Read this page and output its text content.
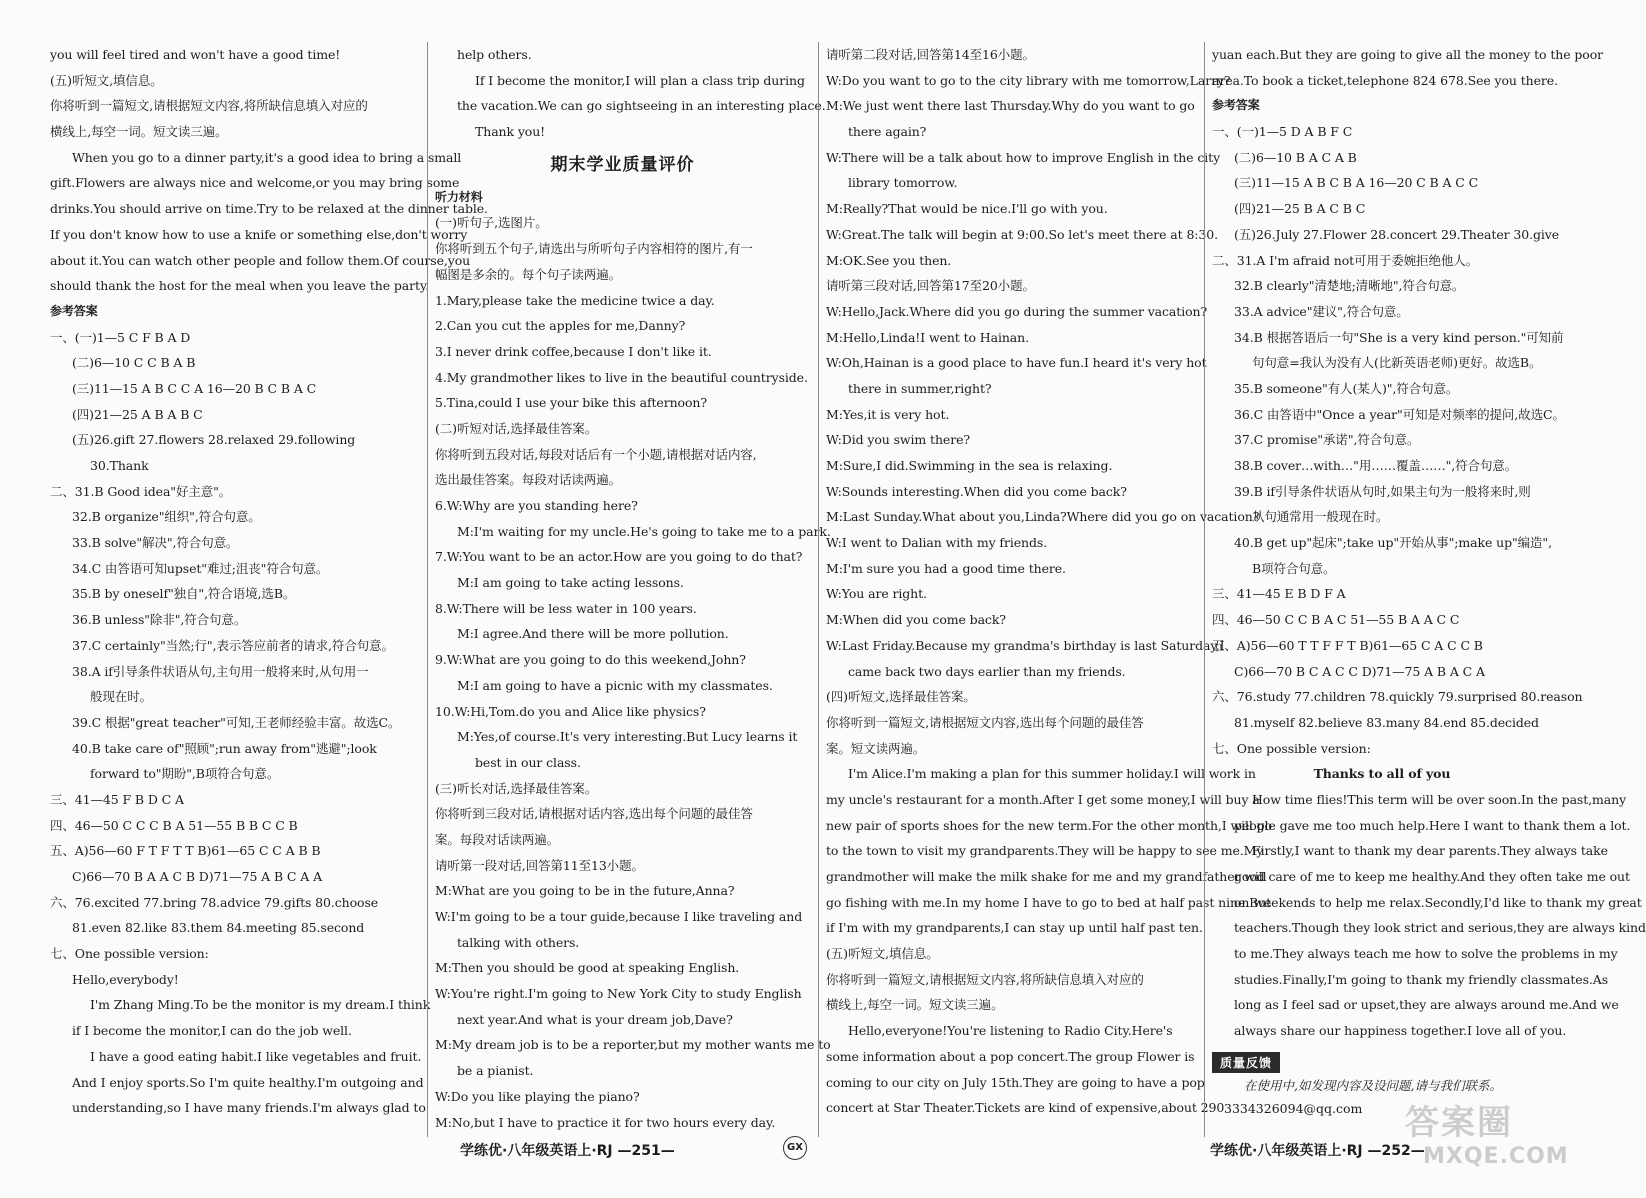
you will feel tired and won't have a good time!
(五)听短文,填信息。
你将听到一篇短文,请根据短文内容,将所缺信息填入对应的
横线上,每空一词。短文读三遍。
When you go to a dinner party,it's a good idea to bring a small
gift.Flowers are always nice and welcome,or you may bring some
drinks.You should arrive on time.Try to be relaxed at the dinner table.
If you don't know how to use a knife or something else,don't worry
about it.You can watch other people and follow them.Of course,you
should thank the host for the meal when you leave the party.
参考答案
一、(一)1—5 C F B A D
(二)6—10 C C B A B
(三)11—15 A B C C A 16—20 B C B A C
(四)21—25 A B A B C
(五)26.gift 27.flowers 28.relaxed 29.following
30.Thank
二、31.B Good idea"好主意"。
32.B organize"组织",符合句意。
33.B solve"解决",符合句意。
34.C 由答语可知upset"难过;沮丧"符合句意。
35.B by oneself"独自",符合语境,选B。
36.B unless"除非",符合句意。
37.C certainly"当然;行",表示答应前者的请求,符合句意。
38.A if引导条件状语从句,主句用一般将来时,从句用一
般现在时。
39.C 根据"great teacher"可知,王老师经验丰富。故选C。
40.B take care of"照顾";run away from"逃避";look
forward to"期盼",B项符合句意。
三、41—45 F B D C A
四、46—50 C C C B A 51—55 B B C C B
五、A)56—60 F T F T T B)61—65 C C A B B
C)66—70 B A A C B D)71—75 A B C A A
六、76.excited 77.bring 78.advice 79.gifts 80.choose
81.even 82.like 83.them 84.meeting 85.second
七、One possible version:
Hello,everybody!
I'm Zhang Ming.To be the monitor is my dream.I think
if I become the monitor,I can do the job well.
I have a good eating habit.I like vegetables and fruit.
And I enjoy sports.So I'm quite healthy.I'm outgoing and
understanding,so I have many friends.I'm always glad to
help others.
If I become the monitor,I will plan a class trip during
the vacation.We can go sightseeing in an interesting place.
Thank you!
期末学业质量评价
听力材料
(一)听句子,选图片。
你将听到五个句子,请选出与所听句子内容相符的图片,有一
幅图是多余的。每个句子读两遍。
1.Mary,please take the medicine twice a day.
2.Can you cut the apples for me,Danny?
3.I never drink coffee,because I don't like it.
4.My grandmother likes to live in the beautiful countryside.
5.Tina,could I use your bike this afternoon?
(二)听短对话,选择最佳答案。
你将听到五段对话,每段对话后有一个小题,请根据对话内容,
选出最佳答案。每段对话读两遍。
6.W:Why are you standing here?
M:I'm waiting for my uncle.He's going to take me to a park.
7.W:You want to be an actor.How are you going to do that?
M:I am going to take acting lessons.
8.W:There will be less water in 100 years.
M:I agree.And there will be more pollution.
9.W:What are you going to do this weekend,John?
M:I am going to have a picnic with my classmates.
10.W:Hi,Tom.do you and Alice like physics?
M:Yes,of course.It's very interesting.But Lucy learns it
best in our class.
(三)听长对话,选择最佳答案。
你将听到三段对话,请根据对话内容,选出每个问题的最佳答
案。每段对话读两遍。
请听第一段对话,回答第11至13小题。
M:What are you going to be in the future,Anna?
W:I'm going to be a tour guide,because I like traveling and
talking with others.
M:Then you should be good at speaking English.
W:You're right.I'm going to New York City to study English
next year.And what is your dream job,Dave?
M:My dream job is to be a reporter,but my mother wants me to
be a pianist.
W:Do you like playing the piano?
M:No,but I have to practice it for two hours every day.
请听第二段对话,回答第14至16小题。
W:Do you want to go to the city library with me tomorrow,Larry?
M:We just went there last Thursday.Why do you want to go
there again?
W:There will be a talk about how to improve English in the city
library tomorrow.
M:Really?That would be nice.I'll go with you.
W:Great.The talk will begin at 9:00.So let's meet there at 8:30.
M:OK.See you then.
请听第三段对话,回答第17至20小题。
W:Hello,Jack.Where did you go during the summer vacation?
M:Hello,Linda!I went to Hainan.
W:Oh,Hainan is a good place to have fun.I heard it's very hot
there in summer,right?
M:Yes,it is very hot.
W:Did you swim there?
M:Sure,I did.Swimming in the sea is relaxing.
W:Sounds interesting.When did you come back?
M:Last Sunday.What about you,Linda?Where did you go on vacation?
W:I went to Dalian with my friends.
M:I'm sure you had a good time there.
W:You are right.
M:When did you come back?
W:Last Friday.Because my grandma's birthday is last Saturday,I
came back two days earlier than my friends.
(四)听短文,选择最佳答案。
你将听到一篇短文,请根据短文内容,选出每个问题的最佳答
案。短文读两遍。
I'm Alice.I'm making a plan for this summer holiday.I will work in
my uncle's restaurant for a month.After I get some money,I will buy a
new pair of sports shoes for the new term.For the other month,I will go
to the town to visit my grandparents.They will be happy to see me.My
grandmother will make the milk shake for me and my grandfather will
go fishing with me.In my home I have to go to bed at half past nine.But
if I'm with my grandparents,I can stay up until half past ten.
(五)听短文,填信息。
你将听到一篇短文,请根据短文内容,将所缺信息填入对应的
横线上,每空一词。短文读三遍。
Hello,everyone!You're listening to Radio City.Here's
some information about a pop concert.The group Flower is
coming to our city on July 15th.They are going to have a pop
concert at Star Theater.Tickets are kind of expensive,about 290
yuan each.But they are going to give all the money to the poor
area.To book a ticket,telephone 824 678.See you there.
参考答案
一、(一)1—5 D A B F C
(二)6—10 B A C A B
(三)11—15 A B C B A 16—20 C B A C C
(四)21—25 B A C B C
(五)26.July 27.Flower 28.concert 29.Theater 30.give
二、31.A I'm afraid not可用于委婉拒绝他人。
32.B clearly"清楚地;清晰地",符合句意。
33.A advice"建议",符合句意。
34.B 根据答语后一句"She is a very kind person."可知前
句句意=我认为没有人(比新英语老师)更好。故选B。
35.B someone"有人(某人)",符合句意。
36.C 由答语中"Once a year"可知是对频率的提问,故选C。
37.C promise"承诺",符合句意。
38.B cover…with…"用……覆盖……",符合句意。
39.B if引导条件状语从句时,如果主句为一般将来时,则
从句通常用一般现在时。
40.B get up"起床";take up"开始从事";make up"编造",
B项符合句意。
三、41—45 E B D F A
四、46—50 C C B A C 51—55 B A A C C
五、A)56—60 T T F F T B)61—65 C A C C B
C)66—70 B C A C C D)71—75 A B A C A
六、76.study 77.children 78.quickly 79.surprised 80.reason
81.myself 82.believe 83.many 84.end 85.decided
七、One possible version:
Thanks to all of you
How time flies!This term will be over soon.In the past,many
people gave me too much help.Here I want to thank them a lot.
Firstly,I want to thank my dear parents.They always take
good care of me to keep me healthy.And they often take me out
on weekends to help me relax.Secondly,I'd like to thank my great
teachers.Though they look strict and serious,they are always kind
to me.They always teach me how to solve the problems in my
studies.Finally,I'm going to thank my friendly classmates.As
long as I feel sad or upset,they are always around me.And we
always share our happiness together.I love all of you.
质量反馈
在使用中,如发现内容及设问题,请与我们联系。
3334326094@qq.com
学练优·八年级英语上·RJ —251—	GX	学练优·八年级英语上·RJ —252—
答案圈
MXQE.COM
